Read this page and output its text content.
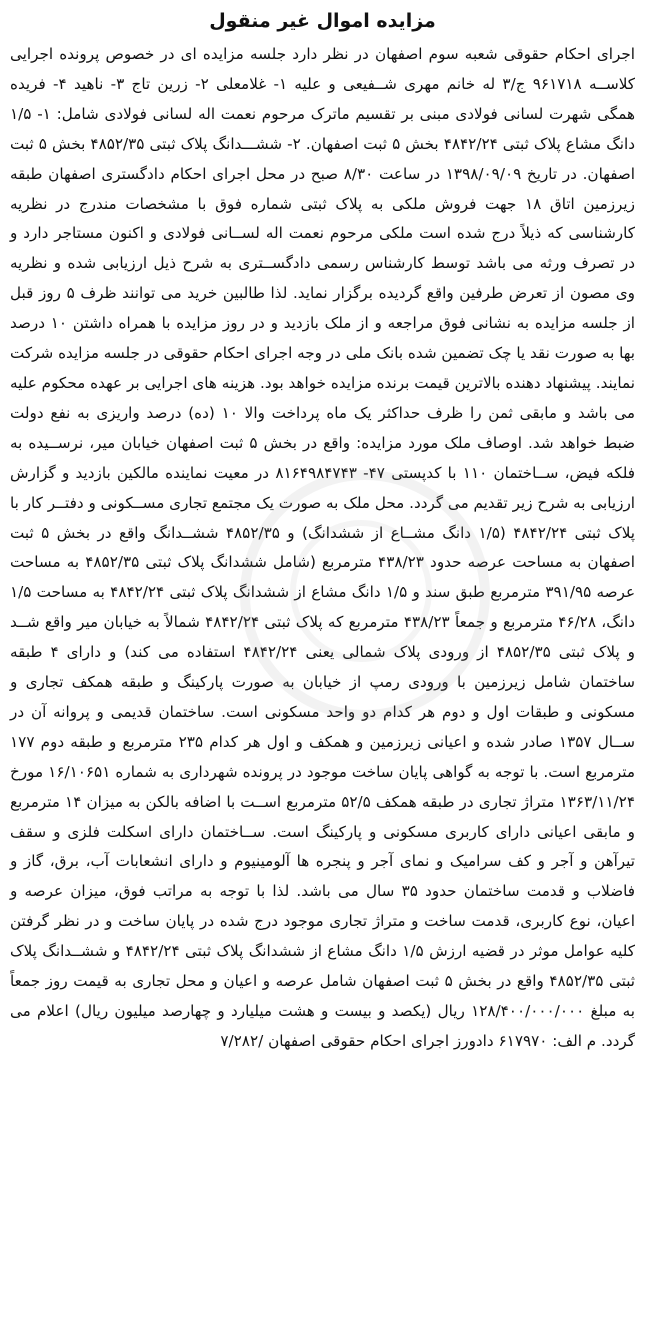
مزایده اموال غیر منقول

اجرای احکام حقوقی شعبه سوم اصفهان در نظر دارد جلسه مزایده ای در خصوص پرونده اجرایی کلاســه ۹۶۱۷۱۸ ج/۳ له خانم مهری شــفیعی و علیه ۱- غلامعلی ۲- زرین تاج ۳- ناهید ۴- فریده همگی شهرت لسانی فولادی مبنی بر تقسیم ماترک مرحوم نعمت اله لسانی فولادی شامل: ۱- ۱/۵ دانگ مشاع پلاک ثبتی ۴۸۴۲/۲۴ بخش ۵ ثبت اصفهان. ۲- ششـــدانگ پلاک ثبتی ۴۸۵۲/۳۵ بخش ۵ ثبت اصفهان. در تاریخ ۱۳۹۸/۰۹/۰۹ در ساعت ۸/۳۰ صبح در محل اجرای احکام دادگستری اصفهان طبقه زیرزمین اتاق ۱۸ جهت فروش ملکی به پلاک ثبتی شماره فوق با مشخصات مندرج در نظریه کارشناسی که ذیلاً درج شده است ملکی مرحوم نعمت اله لســانی فولادی و اکنون مستاجر دارد و در تصرف ورثه می باشد توسط کارشناس رسمی دادگســتری به شرح ذیل ارزیابی شده و نظریه وی مصون از تعرض طرفین واقع گردیده برگزار نماید. لذا طالبین خرید می توانند ظرف ۵ روز قبل از جلسه مزایده به نشانی فوق مراجعه و از ملک بازدید و در روز مزایده با همراه داشتن ۱۰ درصد بها به صورت نقد یا چک تضمین شده بانک ملی در وجه اجرای احکام حقوقی در جلسه مزایده شرکت نمایند. پیشنهاد دهنده بالاترین قیمت برنده مزایده خواهد بود. هزینه های اجرایی بر عهده محکوم علیه می باشد و مابقی ثمن را ظرف حداکثر یک ماه پرداخت والا ۱۰ (ده) درصد واریزی به نفع دولت ضبط خواهد شد. اوصاف ملک مورد مزایده: واقع در بخش ۵ ثبت اصفهان خیابان میر، نرســیده به فلکه فیض، ســاختمان ۱۱۰ با کدپستی ۴۷- ۸۱۶۴۹۸۴۷۴۳ در معیت نماینده مالکین بازدید و گزارش ارزیابی به شرح زیر تقدیم می گردد. محل ملک به صورت یک مجتمع تجاری مســکونی و دفتــر کار با پلاک ثبتی ۴۸۴۲/۲۴ (۱/۵ دانگ مشــاع از ششدانگ) و ۴۸۵۲/۳۵ ششــدانگ واقع در بخش ۵ ثبت اصفهان به مساحت عرصه حدود ۴۳۸/۲۳ مترمربع (شامل ششدانگ پلاک ثبتی ۴۸۵۲/۳۵ به مساحت عرصه ۳۹۱/۹۵ مترمربع طبق سند و ۱/۵ دانگ مشاع از ششدانگ پلاک ثبتی ۴۸۴۲/۲۴ به مساحت ۱/۵ دانگ، ۴۶/۲۸ مترمربع و جمعاً ۴۳۸/۲۳ مترمربع که پلاک ثبتی ۴۸۴۲/۲۴ شمالاً به خیابان میر واقع شــد و پلاک ثبتی ۴۸۵۲/۳۵ از ورودی پلاک شمالی یعنی ۴۸۴۲/۲۴ استفاده می کند) و دارای ۴ طبقه ساختمان شامل زیرزمین با ورودی رمپ از خیابان به صورت پارکینگ و طبقه همکف تجاری و مسکونی و طبقات اول و دوم هر کدام دو واحد مسکونی است. ساختمان قدیمی و پروانه آن در ســال ۱۳۵۷ صادر شده و اعیانی زیرزمین و همکف و اول هر کدام ۲۳۵ مترمربع و طبقه دوم ۱۷۷ مترمربع است. با توجه به گواهی پایان ساخت موجود در پرونده شهرداری به شماره ۱۶/۱۰۶۵۱ مورخ ۱۳۶۳/۱۱/۲۴ متراژ تجاری در طبقه همکف ۵۲/۵ مترمربع اســت با اضافه بالکن به میزان ۱۴ مترمربع و مابقی اعیانی دارای کاربری مسکونی و پارکینگ است. ســاختمان دارای اسکلت فلزی و سقف تیرآهن و آجر و کف سرامیک و نمای آجر و پنجره ها آلومینیوم و دارای انشعابات آب، برق، گاز و فاضلاب و قدمت ساختمان حدود ۳۵ سال می باشد. لذا با توجه به مراتب فوق، میزان عرصه و اعیان، نوع کاربری، قدمت ساخت و متراژ تجاری موجود درج شده در پایان ساخت و در نظر گرفتن کلیه عوامل موثر در قضیه ارزش ۱/۵ دانگ مشاع از ششدانگ پلاک ثبتی ۴۸۴۲/۲۴ و ششــدانگ پلاک ثبتی ۴۸۵۲/۳۵ واقع در بخش ۵ ثبت اصفهان شامل عرصه و اعیان و محل تجاری به قیمت روز جمعاً به مبلغ ۱۲۸/۴۰۰/۰۰۰/۰۰۰ ریال (یکصد و بیست و هشت میلیارد و چهارصد میلیون ریال) اعلام می گردد. م الف: ۶۱۷۹۷۰ دادورز اجرای احکام حقوقی اصفهان /۷/۲۸۲
